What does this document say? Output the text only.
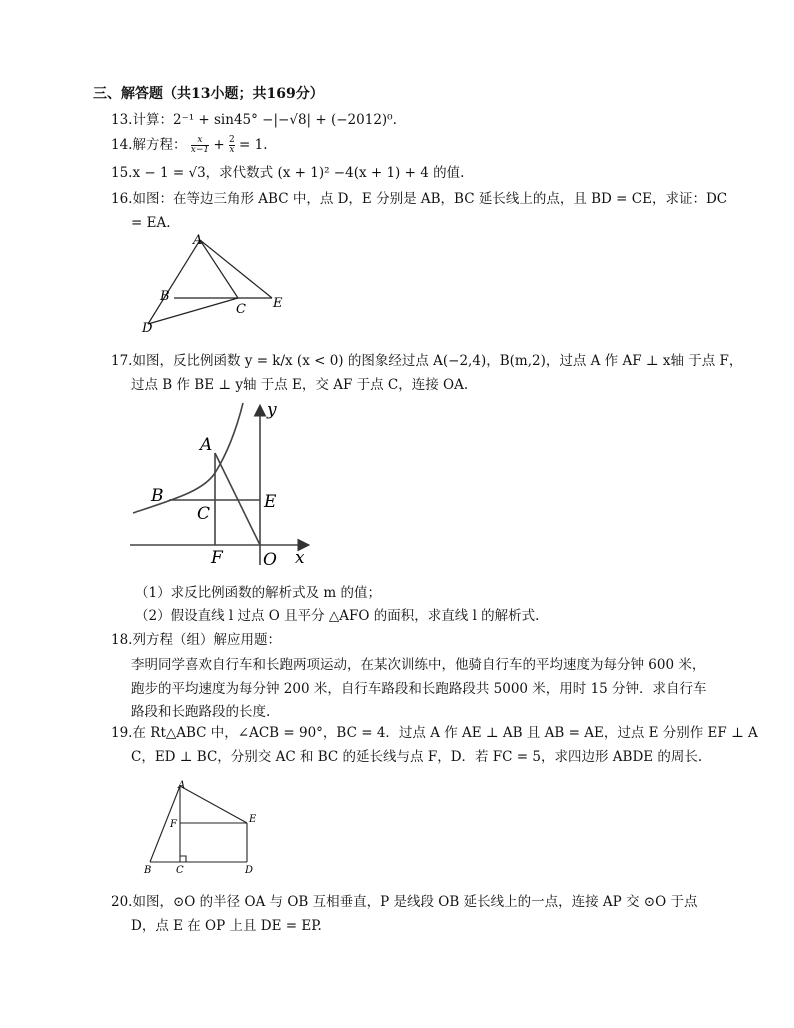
三、解答题（共13小题；共169分）
13.计算：2⁻¹ + sin45° −|−√8| + (−2012)⁰.
14.解方程： $\frac{x}{x-1} + \frac{2}{x} = 1$.
15.x − 1 = √3，求代数式 (x + 1)² −4(x + 1) + 4 的值.
16.如图：在等边三角形 ABC 中，点 D，E 分别是 AB，BC 延长线上的点，且 BD = CE，求证：DC
= EA.
A
B
C
D
E
17.如图，反比例函数 y = k/x (x < 0) 的图象经过点 A(−2,4)，B(m,2)，过点 A 作 AF ⊥ x轴 于点 F，
过点 B 作 BE ⊥ y轴 于点 E，交 AF 于点 C，连接 OA.
y
x
A
B
C
E
F O
（1）求反比例函数的解析式及 m 的值；
（2）假设直线 l 过点 O 且平分 △AFO 的面积，求直线 l 的解析式.
18.列方程（组）解应用题：
李明同学喜欢自行车和长跑两项运动，在某次训练中，他骑自行车的平均速度为每分钟 600 米，
跑步的平均速度为每分钟 200 米，自行车路段和长跑路段共 5000 米，用时 15 分钟．求自行车
路段和长跑路段的长度.
19.在 Rt△ABC 中，∠ACB = 90°，BC = 4．过点 A 作 AE ⊥ AB 且 AB = AE，过点 E 分别作 EF ⊥ A
C，ED ⊥ BC，分别交 AC 和 BC 的延长线与点 F，D．若 FC = 5，求四边形 ABDE 的周长.
A
F	E
B C	D
20.如图，⊙O 的半径 OA 与 OB 互相垂直，P 是线段 OB 延长线上的一点，连接 AP 交 ⊙O 于点
D，点 E 在 OP 上且 DE = EP.
